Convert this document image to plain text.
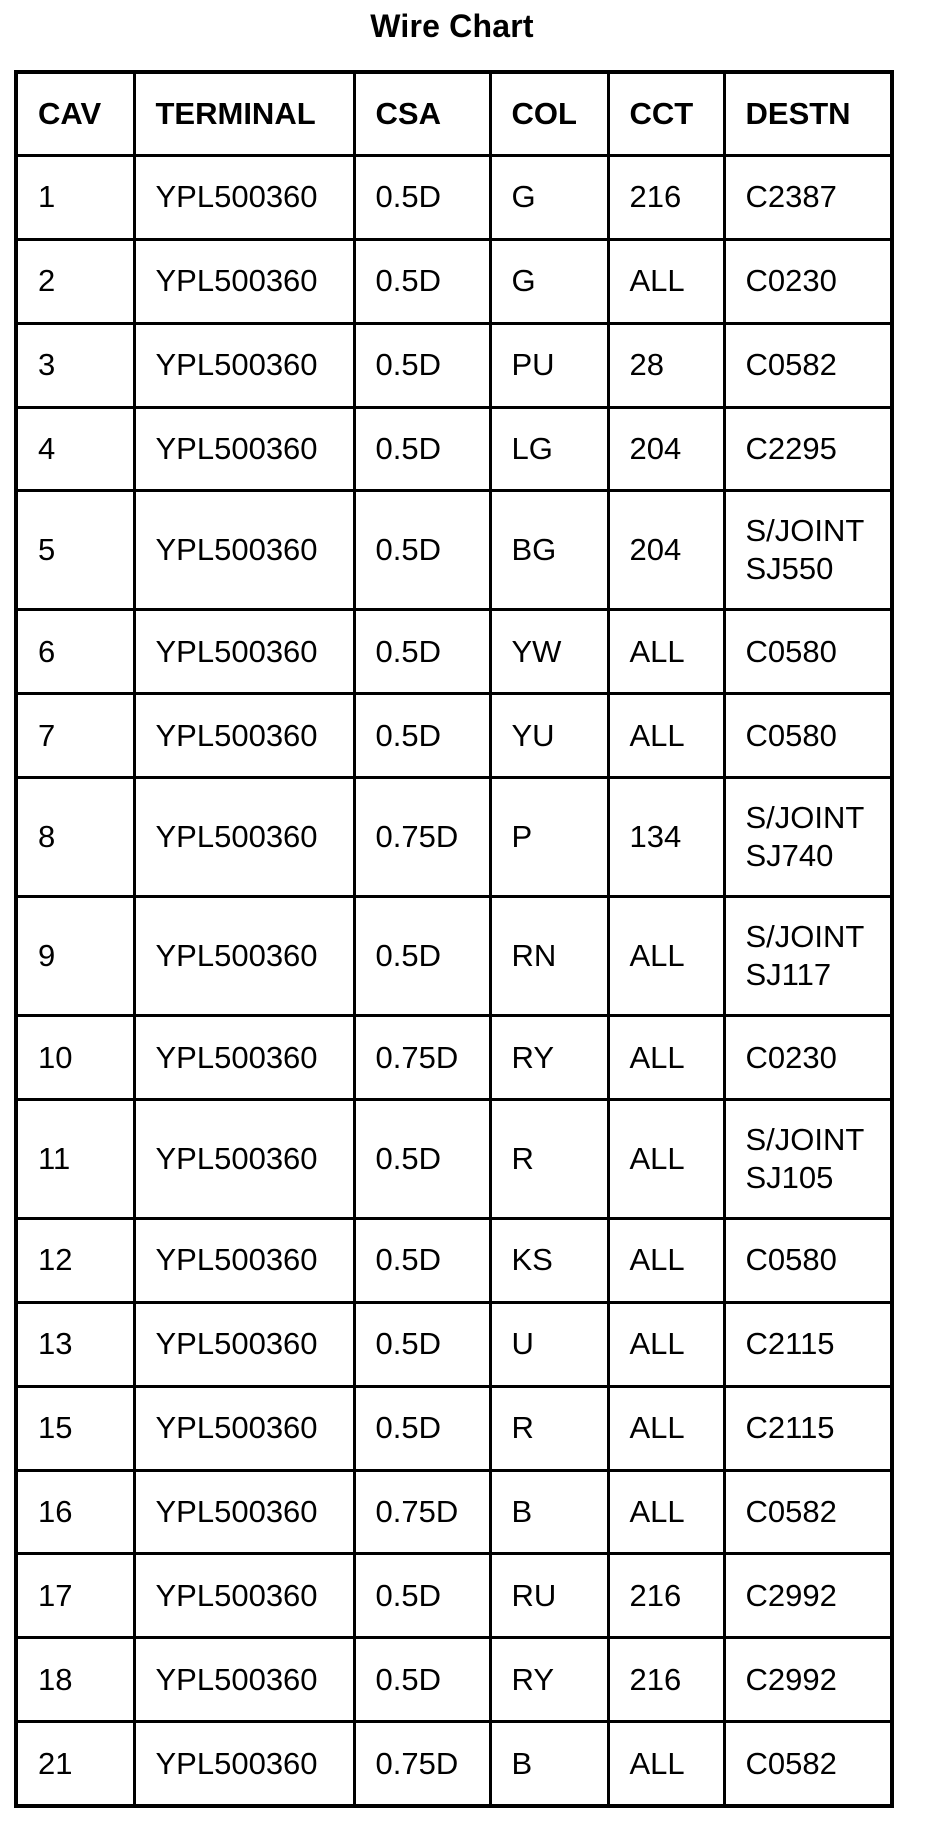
Wire Chart
CAV	TERMINAL	CSA	COL	CCT	DESTN
1	YPL500360	0.5D	G	216	C2387

2	YPL500360	0.5D	G	ALL	C0230

3	YPL500360	0.5D	PU	28	C0582

4	YPL500360	0.5D	LG	204	C2295

5	YPL500360	0.5D	BG	204	S/JOINT
SJ550

6	YPL500360	0.5D	YW	ALL	C0580

7	YPL500360	0.5D	YU	ALL	C0580

8	YPL500360	0.75D	P	134	S/JOINT
SJ740

9	YPL500360	0.5D	RN	ALL	S/JOINT
SJ117

10	YPL500360	0.75D	RY	ALL	C0230

11	YPL500360	0.5D	R	ALL	S/JOINT
SJ105

12	YPL500360	0.5D	KS	ALL	C0580

13	YPL500360	0.5D	U	ALL	C2115

15	YPL500360	0.5D	R	ALL	C2115

16	YPL500360	0.75D	B	ALL	C0582

17	YPL500360	0.5D	RU	216	C2992

18	YPL500360	0.5D	RY	216	C2992

21	YPL500360	0.75D	B	ALL	C0582
